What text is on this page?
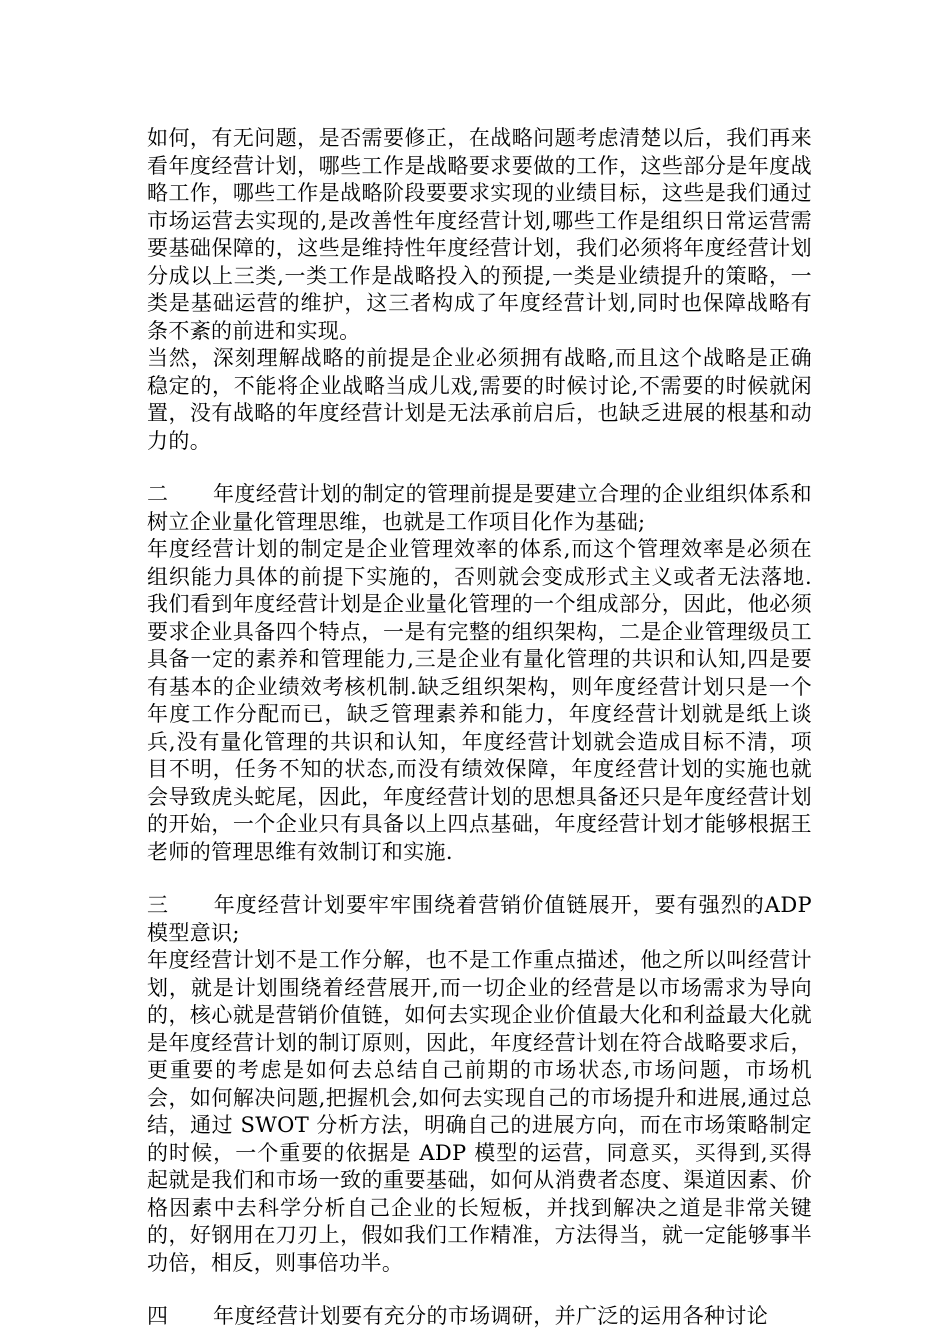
如何，有无问题，是否需要修正，在战略问题考虑清楚以后，我们再来看年度经营计划，哪些工作是战略要求要做的工作，这些部分是年度战略工作，哪些工作是战略阶段要要求实现的业绩目标，这些是我们通过市场运营去实现的,是改善性年度经营计划,哪些工作是组织日常运营需要基础保障的，这些是维持性年度经营计划，我们必须将年度经营计划分成以上三类,一类工作是战略投入的预提,一类是业绩提升的策略，一类是基础运营的维护，这三者构成了年度经营计划,同时也保障战略有条不紊的前进和实现。

当然，深刻理解战略的前提是企业必须拥有战略,而且这个战略是正确稳定的，不能将企业战略当成儿戏,需要的时候讨论,不需要的时候就闲置，没有战略的年度经营计划是无法承前启后，也缺乏进展的根基和动力的。

二 年度经营计划的制定的管理前提是要建立合理的企业组织体系和树立企业量化管理思维，也就是工作项目化作为基础;

年度经营计划的制定是企业管理效率的体系,而这个管理效率是必须在组织能力具体的前提下实施的，否则就会变成形式主义或者无法落地.我们看到年度经营计划是企业量化管理的一个组成部分，因此，他必须要求企业具备四个特点，一是有完整的组织架构，二是企业管理级员工具备一定的素养和管理能力,三是企业有量化管理的共识和认知,四是要有基本的企业绩效考核机制.缺乏组织架构，则年度经营计划只是一个年度工作分配而已，缺乏管理素养和能力，年度经营计划就是纸上谈兵,没有量化管理的共识和认知，年度经营计划就会造成目标不清，项目不明，任务不知的状态,而没有绩效保障，年度经营计划的实施也就会导致虎头蛇尾，因此，年度经营计划的思想具备还只是年度经营计划的开始，一个企业只有具备以上四点基础，年度经营计划才能够根据王老师的管理思维有效制订和实施.

三 年度经营计划要牢牢围绕着营销价值链展开，要有强烈的ADP 模型意识;

年度经营计划不是工作分解，也不是工作重点描述，他之所以叫经营计划，就是计划围绕着经营展开,而一切企业的经营是以市场需求为导向的，核心就是营销价值链，如何去实现企业价值最大化和利益最大化就是年度经营计划的制订原则，因此，年度经营计划在符合战略要求后，更重要的考虑是如何去总结自己前期的市场状态,市场问题，市场机会，如何解决问题,把握机会,如何去实现自己的市场提升和进展,通过总结，通过 SWOT 分析方法，明确自己的进展方向，而在市场策略制定的时候，一个重要的依据是 ADP 模型的运营，同意买，买得到,买得起就是我们和市场一致的重要基础，如何从消费者态度、渠道因素、价格因素中去科学分析自己企业的长短板，并找到解决之道是非常关键的，好钢用在刀刃上，假如我们工作精准，方法得当，就一定能够事半功倍，相反，则事倍功半。

四 年度经营计划要有充分的市场调研，并广泛的运用各种讨论
